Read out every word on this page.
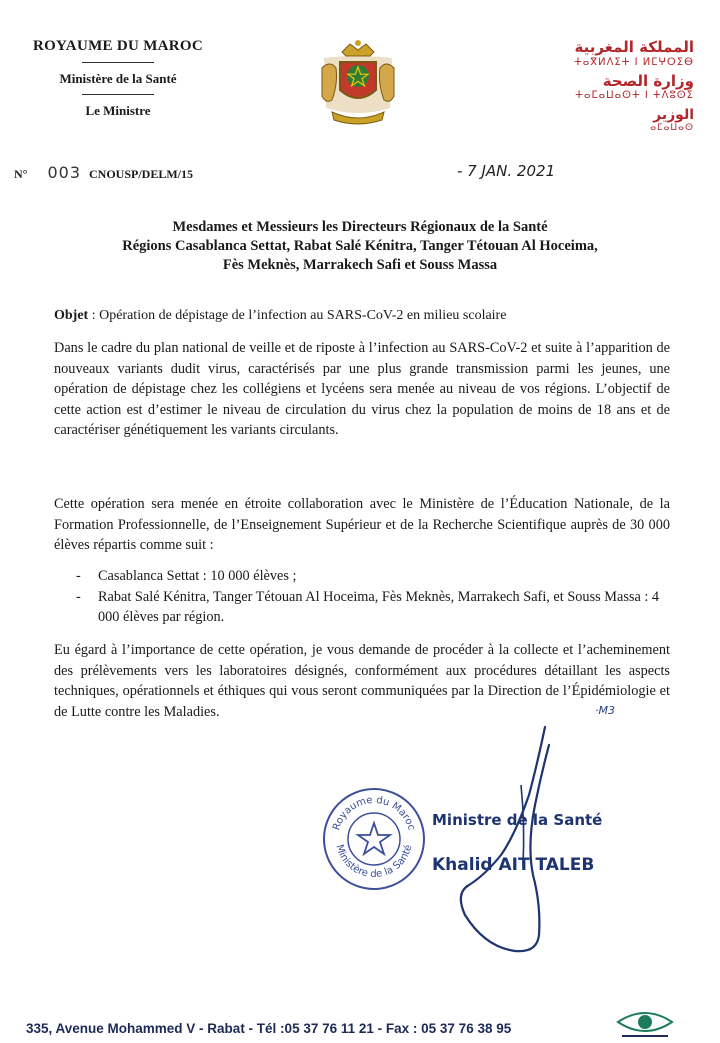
ROYAUME DU MAROC
Ministère de la Santé
Le Ministre
المملكة المغربية
ⵜⴰⴳⵍⴷⵉⵜ ⵏ ⵍⵎⵖⵔⵉⴱ
وزارة الصحة
ⵜⴰⵎⴰⵡⴰⵙⵜ ⵏ ⵜⴷⵓⵙⵉ
الوزير
ⴰⵎⴰⵡⴰⵙ
N° 003 CNOUSP/DELM/15	- 7 JAN. 2021
Mesdames et Messieurs les Directeurs Régionaux de la Santé
Régions Casablanca Settat, Rabat Salé Kénitra, Tanger Tétouan Al Hoceima,
Fès Meknès, Marrakech Safi et Souss Massa
Objet : Opération de dépistage de l’infection au SARS-CoV-2 en milieu scolaire
Dans le cadre du plan national de veille et de riposte à l’infection au SARS-CoV-2 et suite à l’apparition de nouveaux variants dudit virus, caractérisés par une plus grande transmission parmi les jeunes, une opération de dépistage chez les collégiens et lycéens sera menée au niveau de vos régions. L’objectif de cette action est d’estimer le niveau de circulation du virus chez la population de moins de 18 ans et de caractériser génétiquement les variants circulants.
Cette opération sera menée en étroite collaboration avec le Ministère de l’Éducation Nationale, de la Formation Professionnelle, de l’Enseignement Supérieur et de la Recherche Scientifique auprès de 30 000 élèves répartis comme suit :
- Casablanca Settat : 10 000 élèves ;
- Rabat Salé Kénitra, Tanger Tétouan Al Hoceima, Fès Meknès, Marrakech Safi, et Souss Massa : 4 000 élèves par région.
Eu égard à l’importance de cette opération, je vous demande de procéder à la collecte et l’acheminement des prélèvements vers les laboratoires désignés, conformément aux procédures détaillant les aspects techniques, opérationnels et éthiques qui vous seront communiquées par la Direction de l’Épidémiologie et de Lutte contre les Maladies.	·M3
Royaume du Maroc
Ministère de la Santé
Ministre de la Santé
Khalid AIT TALEB
335, Avenue Mohammed V - Rabat - Tél :05 37 76 11 21 - Fax : 05 37 76 38 95
